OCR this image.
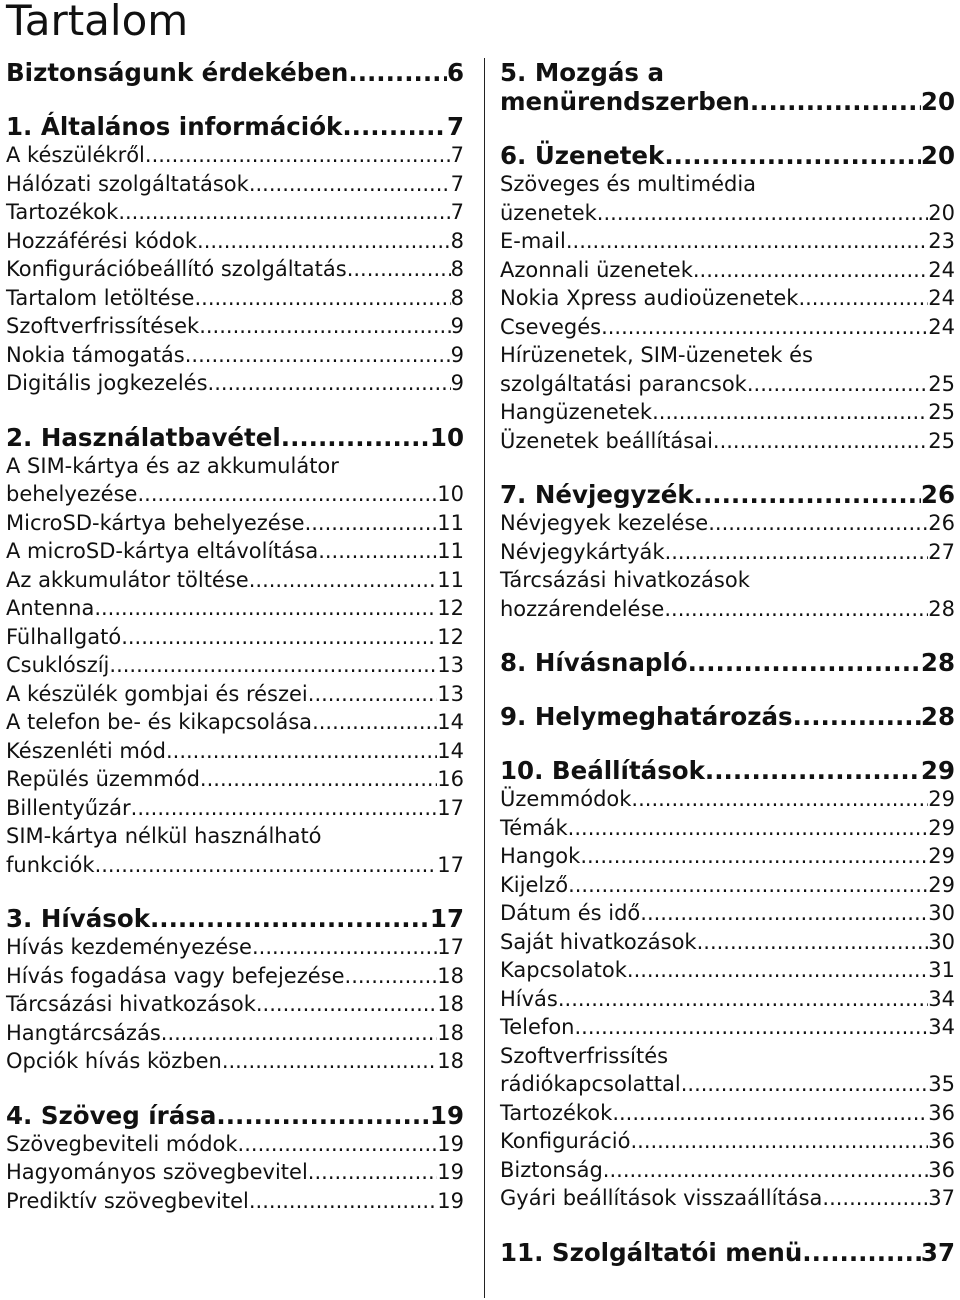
Tartalom
Biztonságunk érdekében .....	6
1. Általános információk .....	7
A készülékről .....	7
Hálózati szolgáltatások .....	7
Tartozékok .....	7
Hozzáférési kódok .....	8
Konfigurációbeállító szolgáltatás .....	8
Tartalom letöltése .....	8
Szoftverfrissítések .....	9
Nokia támogatás .....	9
Digitális jogkezelés .....	9
2. Használatbavétel .....	10
A SIM-kártya és az akkumulátor
behelyezése .....	10
MicroSD-kártya behelyezése .....	11
A microSD-kártya eltávolítása .....	11
Az akkumulátor töltése .....	11
Antenna .....	12
Fülhallgató .....	12
Csuklószíj .....	13
A készülék gombjai és részei .....	13
A telefon be- és kikapcsolása .....	14
Készenléti mód .....	14
Repülés üzemmód .....	16
Billentyűzár .....	17
SIM-kártya nélkül használható
funkciók .....	17
3. Hívások .....	17
Hívás kezdeményezése .....	17
Hívás fogadása vagy befejezése .....	18
Tárcsázási hivatkozások .....	18
Hangtárcsázás .....	18
Opciók hívás közben .....	18
4. Szöveg írása .....	19
Szövegbeviteli módok .....	19
Hagyományos szövegbevitel .....	19
Prediktív szövegbevitel .....	19
5. Mozgás a
menürendszerben .....	20
6. Üzenetek .....	20
Szöveges és multimédia
üzenetek .....	20
E-mail .....	23
Azonnali üzenetek .....	24
Nokia Xpress audioüzenetek .....	24
Csevegés .....	24
Hírüzenetek, SIM-üzenetek és
szolgáltatási parancsok .....	25
Hangüzenetek .....	25
Üzenetek beállításai .....	25
7. Névjegyzék .....	26
Névjegyek kezelése .....	26
Névjegykártyák .....	27
Tárcsázási hivatkozások
hozzárendelése .....	28
8. Hívásnapló .....	28
9. Helymeghatározás .....	28
10. Beállítások .....	29
Üzemmódok .....	29
Témák .....	29
Hangok .....	29
Kijelző .....	29
Dátum és idő .....	30
Saját hivatkozások .....	30
Kapcsolatok .....	31
Hívás .....	34
Telefon .....	34
Szoftverfrissítés
rádiókapcsolattal .....	35
Tartozékok .....	36
Konfiguráció .....	36
Biztonság .....	36
Gyári beállítások visszaállítása .....	37
11. Szolgáltatói menü .....	37
